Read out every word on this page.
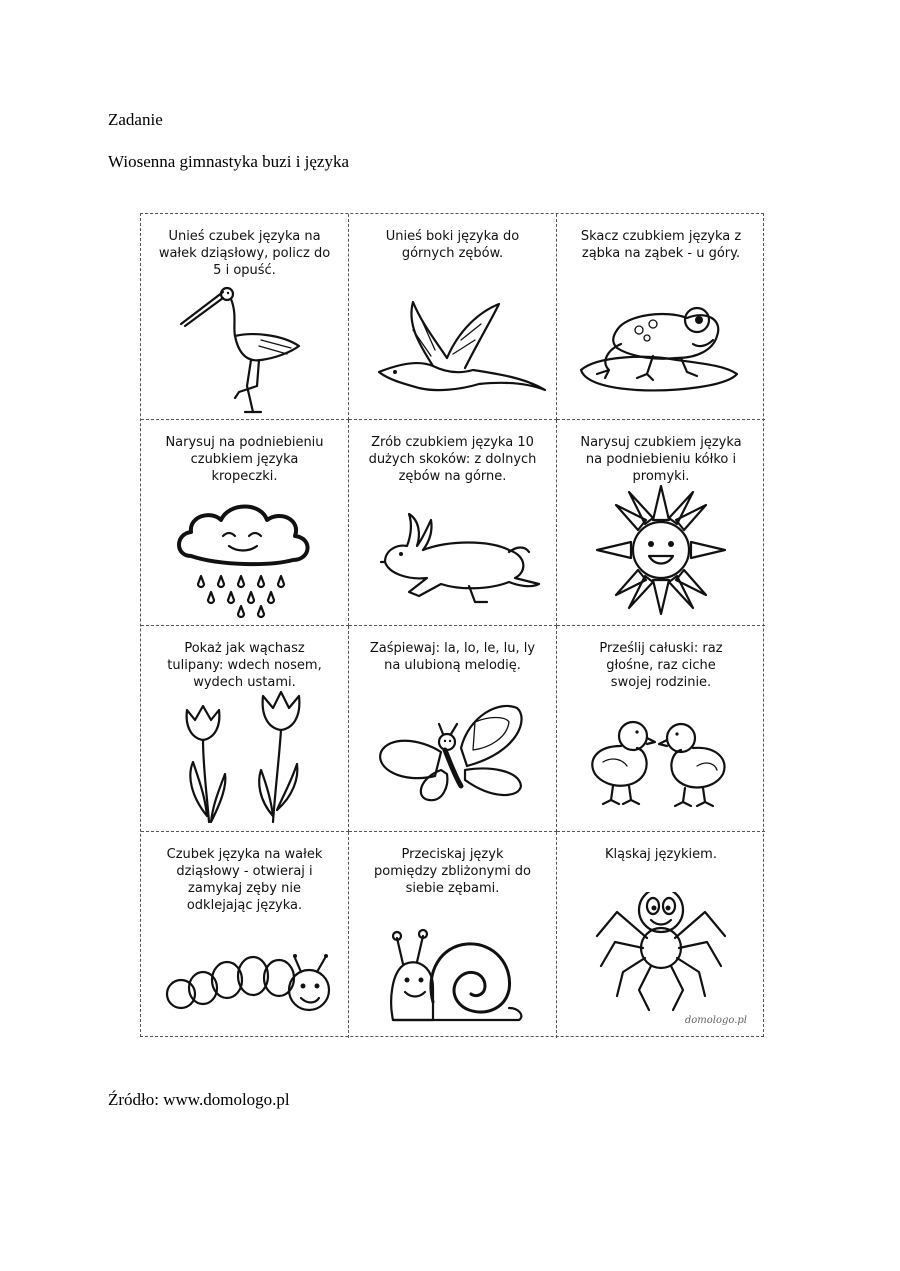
Zadanie
Wiosenna gimnastyka buzi i języka
Unieś czubek języka na
wałek dziąsłowy, policz do
5 i opuść.
Unieś boki języka do
górnych zębów.
Skacz czubkiem języka z
ząbka na ząbek - u góry.
Narysuj na podniebieniu
czubkiem języka
kropeczki.
Zrób czubkiem języka 10
dużych skoków: z dolnych
zębów na górne.
Narysuj czubkiem języka
na podniebieniu kółko i
promyki.
Pokaż jak wąchasz
tulipany: wdech nosem,
wydech ustami.
Zaśpiewaj: la, lo, le, lu, ly
na ulubioną melodię.
Prześlij całuski: raz
głośne, raz ciche
swojej rodzinie.
Czubek języka na wałek
dziąsłowy - otwieraj i
zamykaj zęby nie
odklejając języka.
Przeciskaj język
pomiędzy zbliżonymi do
siebie zębami.
Kląskaj językiem.
domologo.pl
Źródło: www.domologo.pl
